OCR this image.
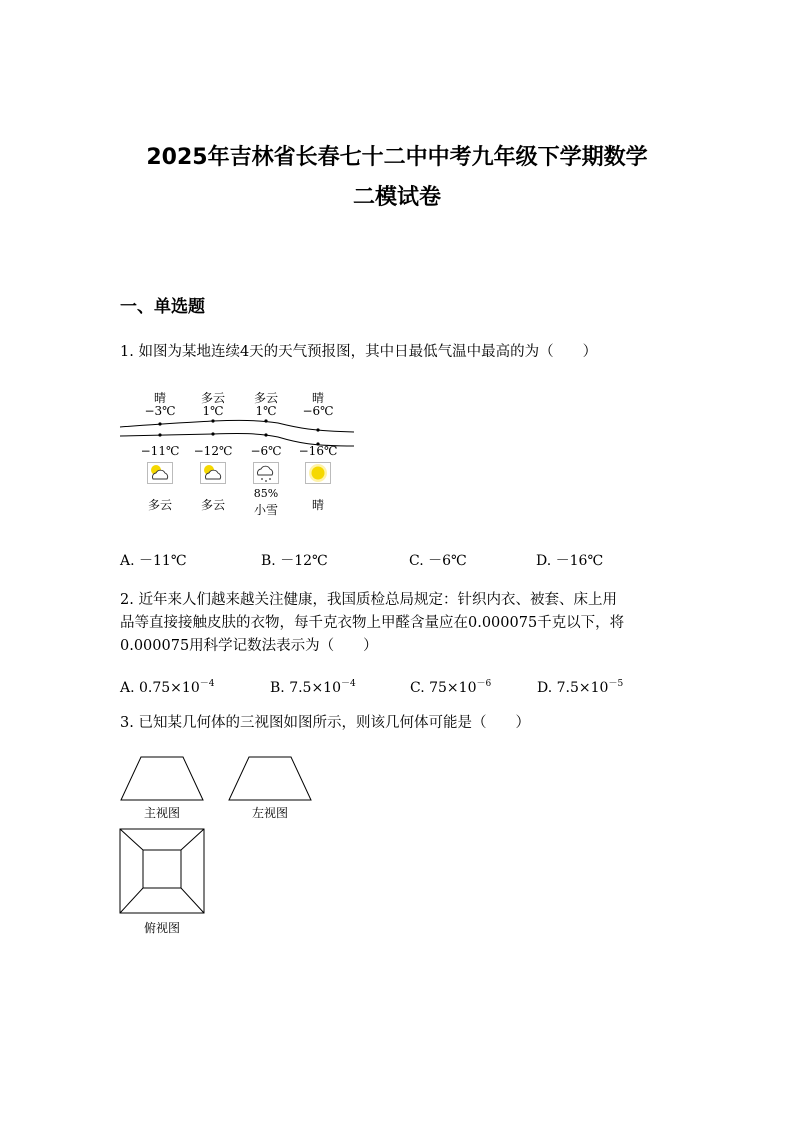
2025年吉林省长春七十二中中考九年级下学期数学
二模试卷
一、单选题
1. 如图为某地连续4天的天气预报图，其中日最低气温中最高的为（　　）
晴	多云	多云	晴
−3℃	1℃	1℃	−6℃
−11℃	−12℃	−6℃	−16℃
85%
多云	多云	小雪	晴
A. －11℃	B. －12℃	C. －6℃	D. －16℃
2. 近年来人们越来越关注健康，我国质检总局规定：针织内衣、被套、床上用
品等直接接触皮肤的衣物，每千克衣物上甲醛含量应在0.000075千克以下，将
0.000075用科学记数法表示为（　　）
A. $0.75\times 10^{-4}$	B. $7.5\times 10^{-4}$	C. $75\times 10^{-6}$	D. $7.5\times 10^{-5}$
3. 已知某几何体的三视图如图所示，则该几何体可能是（　　）
主视图	左视图
俯视图
